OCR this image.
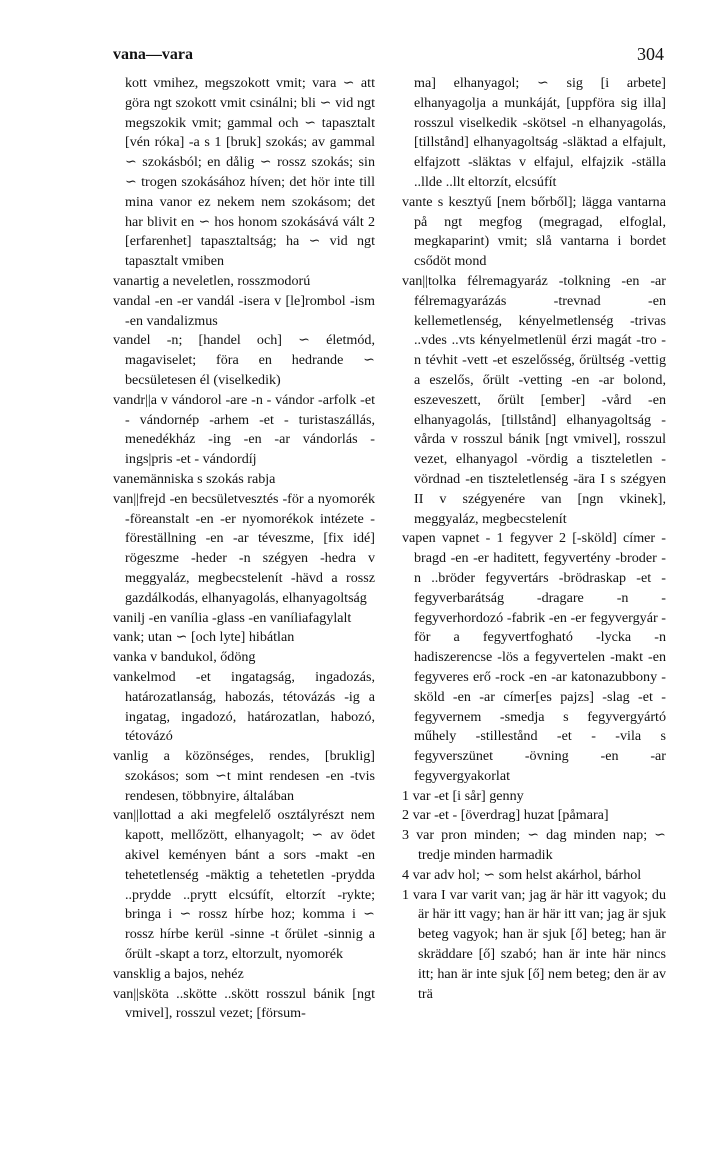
vana—vara	304

kott vmihez, megszokott vmit; vara ∽ att göra ngt szokott vmit csinálni; bli ∽ vid ngt megszokik vmit; gammal och ∽ tapasztalt [vén róka] -a s 1 [bruk] szokás; av gammal ∽ szokásból; en dålig ∽ rossz szokás; sin ∽ trogen szokásához híven; det hör inte till mina vanor ez nekem nem szokásom; det har blivit en ∽ hos honom szokásává vált 2 [erfarenhet] tapasztaltság; ha ∽ vid ngt tapasztalt vmiben

vanartig a neveletlen, rosszmodorú

vandal -en -er vandál -isera v [le]rombol -ism -en vandalizmus

vandel -n; [handel och] ∽ életmód, magaviselet; föra en hedrande ∽ becsületesen él (viselkedik)

vandr||a v vándorol -are -n - vándor -arfolk -et - vándornép -arhem -et - turistaszállás, menedékház -ing -en -ar vándorlás -ings|pris -et - vándordíj

vanemänniska s szokás rabja

van||frejd -en becsületvesztés -för a nyomorék -föreanstalt -en -er nyomorékok intézete -föreställning -en -ar téveszme, [fix idé] rögeszme -heder -n szégyen -hedra v meggyaláz, megbecstelenít -hävd a rossz gazdálkodás, elhanyagolás, elhanyagoltság

vanilj -en vanília -glass -en vaníliafagylalt

vank; utan ∽ [och lyte] hibátlan

vanka v bandukol, ődöng

vankelmod -et ingatagság, ingadozás, határozatlanság, habozás, tétovázás -ig a ingatag, ingadozó, határozatlan, habozó, tétovázó

vanlig a közönséges, rendes, [bruklig] szokásos; som ∽t mint rendesen -en -tvis rendesen, többnyire, általában

van||lottad a aki megfelelő osztályrészt nem kapott, mellőzött, elhanyagolt; ∽ av ödet akivel keményen bánt a sors -makt -en tehetetlenség -mäktig a tehetetlen -prydda ..pryddе ..prytt elcsúfít, eltorzít -rykte; bringa i ∽ rossz hírbe hoz; komma i ∽ rossz hírbe kerül -sinne -t őrület -sinnig a őrült -skapt a torz, eltorzult, nyomorék

vansklig a bajos, nehéz

van||sköta ..skötte ..skött rosszul bánik [ngt vmivel], rosszul vezet; [försum-

ma] elhanyagol; ∽ sig [i arbete] elhanyagolja a munkáját, [uppföra sig illa] rosszul viselkedik -skötsel -n elhanyagolás, [tillstånd] elhanyagoltság -släktad a elfajult, elfajzott -släktas v elfajul, elfajzik -ställa ..llde ..llt eltorzít, elcsúfít

vante s kesztyű [nem bőrből]; lägga vantarna på ngt megfog (megragad, elfoglal, megkaparint) vmit; slå vantarna i bordet csődöt mond

van||tolka félremagyaráz -tolkning -en -ar félremagyarázás -trevnad -en kellemetlenség, kényelmetlenség -trivas ..vdes ..vts kényelmetlenül érzi magát -tro -n tévhit -vett -et eszelősség, őrültség -vettig a eszelős, őrült -vetting -en -ar bolond, eszeveszett, őrült [ember] -vård -en elhanyagolás, [tillstånd] elhanyagoltság -vårda v rosszul bánik [ngt vmivel], rosszul vezet, elhanyagol -vördig a tiszteletlen -vördnad -en tiszteletlenség -ära I s szégyen II v szégyenére van [ngn vkinek], meggyaláz, megbecstelenít

vapen vapnet - 1 fegyver 2 [-sköld] címer -bragd -en -er haditett, fegyvertény -broder -n ..bröder fegyvertárs -brödraskap -et - fegyverbarátság -dragare -n - fegyverhordozó -fabrik -en -er fegyvergyár -för a fegyvertfogható -lycka -n hadiszerencse -lös a fegyvertelen -makt -en fegyveres erő -rock -en -ar katonazubbony -sköld -en -ar címer[es pajzs] -slag -et - fegyvernem -smedja s fegyvergyártó műhely -stillestånd -et - -vila s fegyverszünet -övning -en -ar fegyvergyakorlat

1 var -et [i sår] genny

2 var -et - [överdrag] huzat [påmara]

3 var pron minden; ∽ dag minden nap; ∽ tredje minden harmadik

4 var adv hol; ∽ som helst akárhol, bárhol

1 vara I var varit van; jag är här itt vagyok; du är här itt vagy; han är här itt van; jag är sjuk beteg vagyok; han är sjuk [ő] beteg; han är skräddare [ő] szabó; han är inte här nincs itt; han är inte sjuk [ő] nem beteg; den är av trä
